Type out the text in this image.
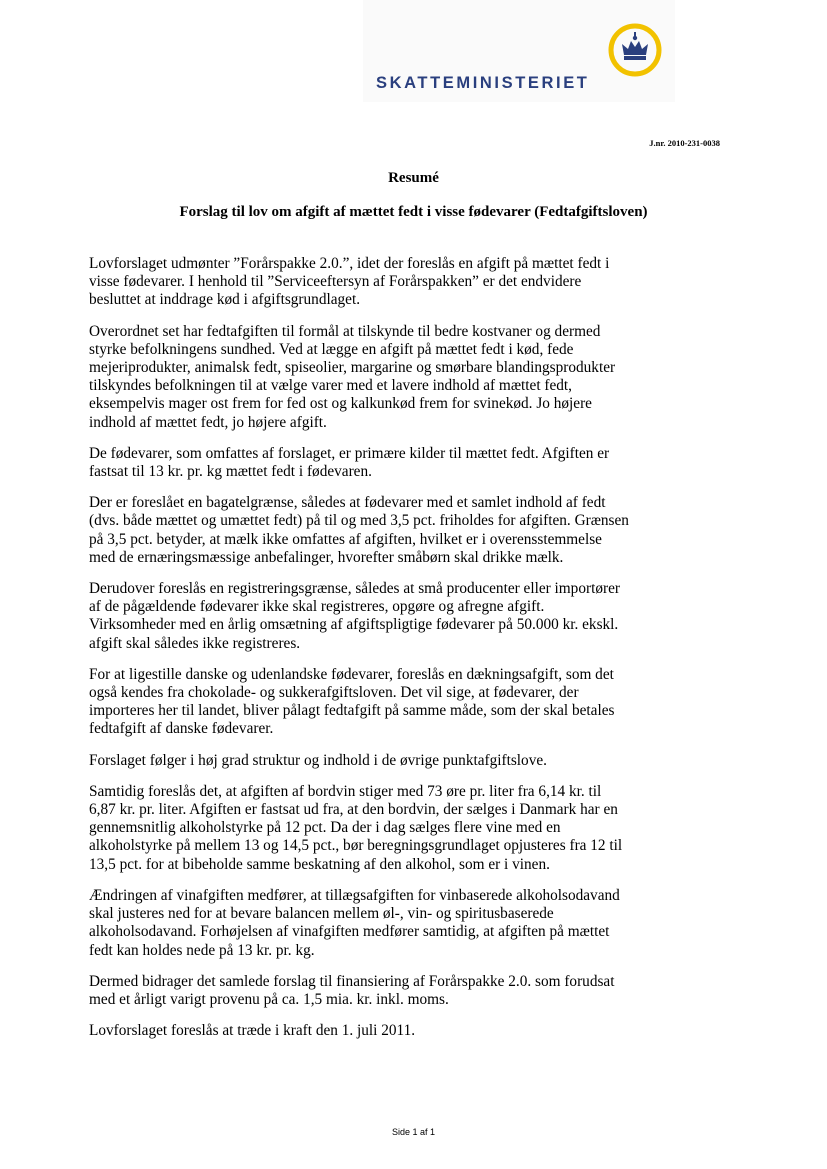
SKATTEMINISTERIET
J.nr. 2010-231-0038
Resumé
Forslag til lov om afgift af mættet fedt i visse fødevarer (Fedtafgiftsloven)

Lovforslaget udmønter ”Forårspakke 2.0.”, idet der foreslås en afgift på mættet fedt i visse fødevarer. I henhold til ”Serviceeftersyn af Forårspakken” er det endvidere besluttet at inddrage kød i afgiftsgrundlaget.

Overordnet set har fedtafgiften til formål at tilskynde til bedre kostvaner og dermed styrke befolkningens sundhed. Ved at lægge en afgift på mættet fedt i kød, fede mejeriprodukter, animalsk fedt, spiseolier, margarine og smørbare blandingsprodukter tilskyndes befolkningen til at vælge varer med et lavere indhold af mættet fedt, eksempelvis mager ost frem for fed ost og kalkunkød frem for svinekød. Jo højere indhold af mættet fedt, jo højere afgift.

De fødevarer, som omfattes af forslaget, er primære kilder til mættet fedt. Afgiften er fastsat til 13 kr. pr. kg mættet fedt i fødevaren.

Der er foreslået en bagatelgrænse, således at fødevarer med et samlet indhold af fedt (dvs. både mættet og umættet fedt) på til og med 3,5 pct. friholdes for afgiften. Grænsen på 3,5 pct. betyder, at mælk ikke omfattes af afgiften, hvilket er i overensstemmelse med de ernæringsmæssige anbefalinger, hvorefter småbørn skal drikke mælk.

Derudover foreslås en registreringsgrænse, således at små producenter eller importører af de pågældende fødevarer ikke skal registreres, opgøre og afregne afgift. Virksomheder med en årlig omsætning af afgiftspligtige fødevarer på 50.000 kr. ekskl. afgift skal således ikke registreres.

For at ligestille danske og udenlandske fødevarer, foreslås en dækningsafgift, som det også kendes fra chokolade- og sukkerafgiftsloven. Det vil sige, at fødevarer, der importeres her til landet, bliver pålagt fedtafgift på samme måde, som der skal betales fedtafgift af danske fødevarer.

Forslaget følger i høj grad struktur og indhold i de øvrige punktafgiftslove.

Samtidig foreslås det, at afgiften af bordvin stiger med 73 øre pr. liter fra 6,14 kr. til 6,87 kr. pr. liter. Afgiften er fastsat ud fra, at den bordvin, der sælges i Danmark har en gennemsnitlig alkoholstyrke på 12 pct. Da der i dag sælges flere vine med en alkoholstyrke på mellem 13 og 14,5 pct., bør beregningsgrundlaget opjusteres fra 12 til 13,5 pct. for at bibeholde samme beskatning af den alkohol, som er i vinen.

Ændringen af vinafgiften medfører, at tillægsafgiften for vinbaserede alkoholsodavand skal justeres ned for at bevare balancen mellem øl-, vin- og spiritusbaserede alkoholsodavand. Forhøjelsen af vinafgiften medfører samtidig, at afgiften på mættet fedt kan holdes nede på 13 kr. pr. kg.

Dermed bidrager det samlede forslag til finansiering af Forårspakke 2.0. som forudsat med et årligt varigt provenu på ca. 1,5 mia. kr. inkl. moms.

Lovforslaget foreslås at træde i kraft den 1. juli 2011.

Side 1 af 1
